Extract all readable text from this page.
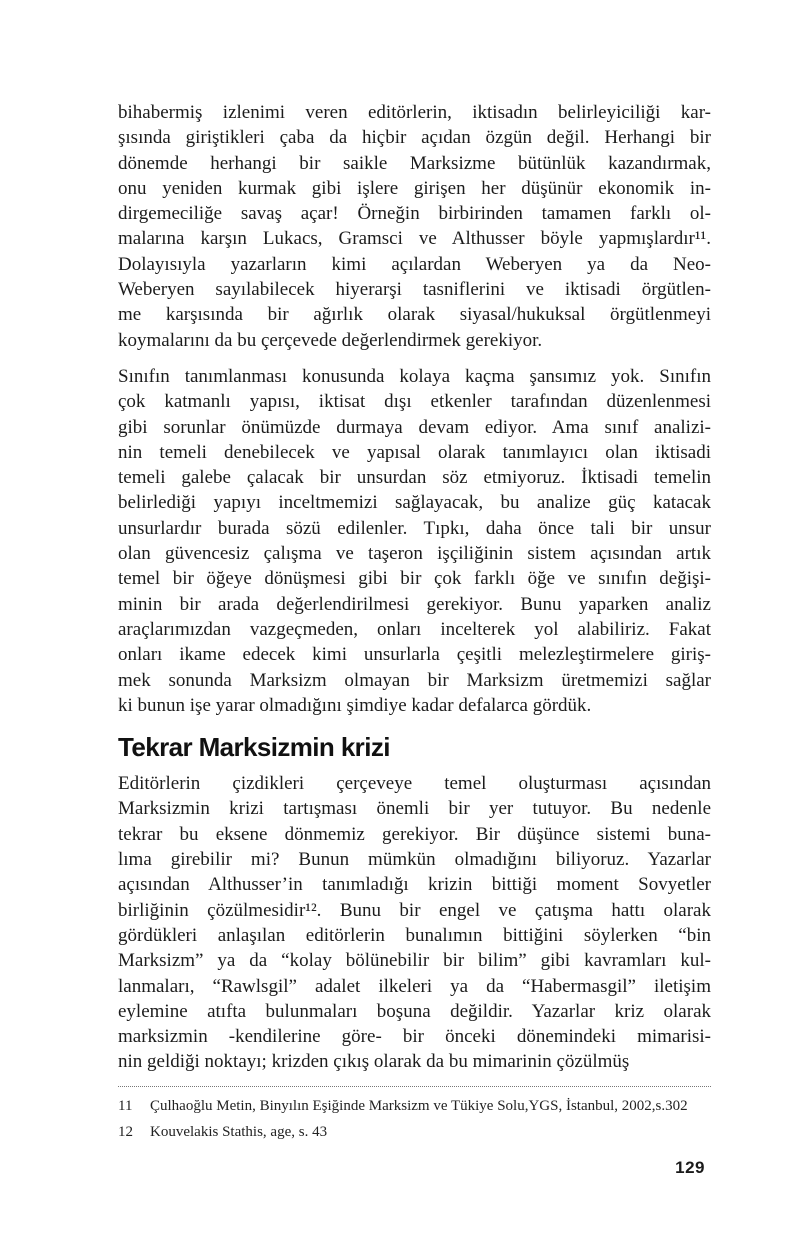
bihabermiş izlenimi veren editörlerin, iktisadın belirleyiciliği kar-
şısında giriştikleri çaba da hiçbir açıdan özgün değil. Herhangi bir
dönemde herhangi bir saikle Marksizme bütünlük kazandırmak,
onu yeniden kurmak gibi işlere girişen her düşünür ekonomik in-
dirgemeciliğe savaş açar! Örneğin birbirinden tamamen farklı ol-
malarına karşın Lukacs, Gramsci ve Althusser böyle yapmışlardır¹¹.
Dolayısıyla yazarların kimi açılardan Weberyen ya da Neo-
Weberyen sayılabilecek hiyerarşi tasniflerini ve iktisadi örgütlen-
me karşısında bir ağırlık olarak siyasal/hukuksal örgütlenmeyi
koymalarını da bu çerçevede değerlendirmek gerekiyor.
Sınıfın tanımlanması konusunda kolaya kaçma şansımız yok. Sınıfın
çok katmanlı yapısı, iktisat dışı etkenler tarafından düzenlenmesi
gibi sorunlar önümüzde durmaya devam ediyor. Ama sınıf analizi-
nin temeli denebilecek ve yapısal olarak tanımlayıcı olan iktisadi
temeli galebe çalacak bir unsurdan söz etmiyoruz. İktisadi temelin
belirlediği yapıyı inceltmemizi sağlayacak, bu analize güç katacak
unsurlardır burada sözü edilenler. Tıpkı, daha önce tali bir unsur
olan güvencesiz çalışma ve taşeron işçiliğinin sistem açısından artık
temel bir öğeye dönüşmesi gibi bir çok farklı öğe ve sınıfın değişi-
minin bir arada değerlendirilmesi gerekiyor. Bunu yaparken analiz
araçlarımızdan vazgeçmeden, onları incelterek yol alabiliriz. Fakat
onları ikame edecek kimi unsurlarla çeşitli melezleştirmelere giriş-
mek sonunda Marksizm olmayan bir Marksizm üretmemizi sağlar
ki bunun işe yarar olmadığını şimdiye kadar defalarca gördük.
Tekrar Marksizmin krizi
Editörlerin çizdikleri çerçeveye temel oluşturması açısından
Marksizmin krizi tartışması önemli bir yer tutuyor. Bu nedenle
tekrar bu eksene dönmemiz gerekiyor. Bir düşünce sistemi buna-
lıma girebilir mi? Bunun mümkün olmadığını biliyoruz. Yazarlar
açısından Althusser’in tanımladığı krizin bittiği moment Sovyetler
birliğinin çözülmesidir¹². Bunu bir engel ve çatışma hattı olarak
gördükleri anlaşılan editörlerin bunalımın bittiğini söylerken “bin
Marksizm” ya da “kolay bölünebilir bir bilim” gibi kavramları kul-
lanmaları, “Rawlsgil” adalet ilkeleri ya da “Habermasgil” iletişim
eylemine atıfta bulunmaları boşuna değildir. Yazarlar kriz olarak
marksizmin -kendilerine göre- bir önceki dönemindeki mimarisi-
nin geldiği noktayı; krizden çıkış olarak da bu mimarinin çözülmüş
11	Çulhaoğlu Metin, Binyılın Eşiğinde Marksizm ve Tükiye Solu,YGS, İstanbul, 2002,s.302
12	Kouvelakis Stathis, age, s. 43
129
